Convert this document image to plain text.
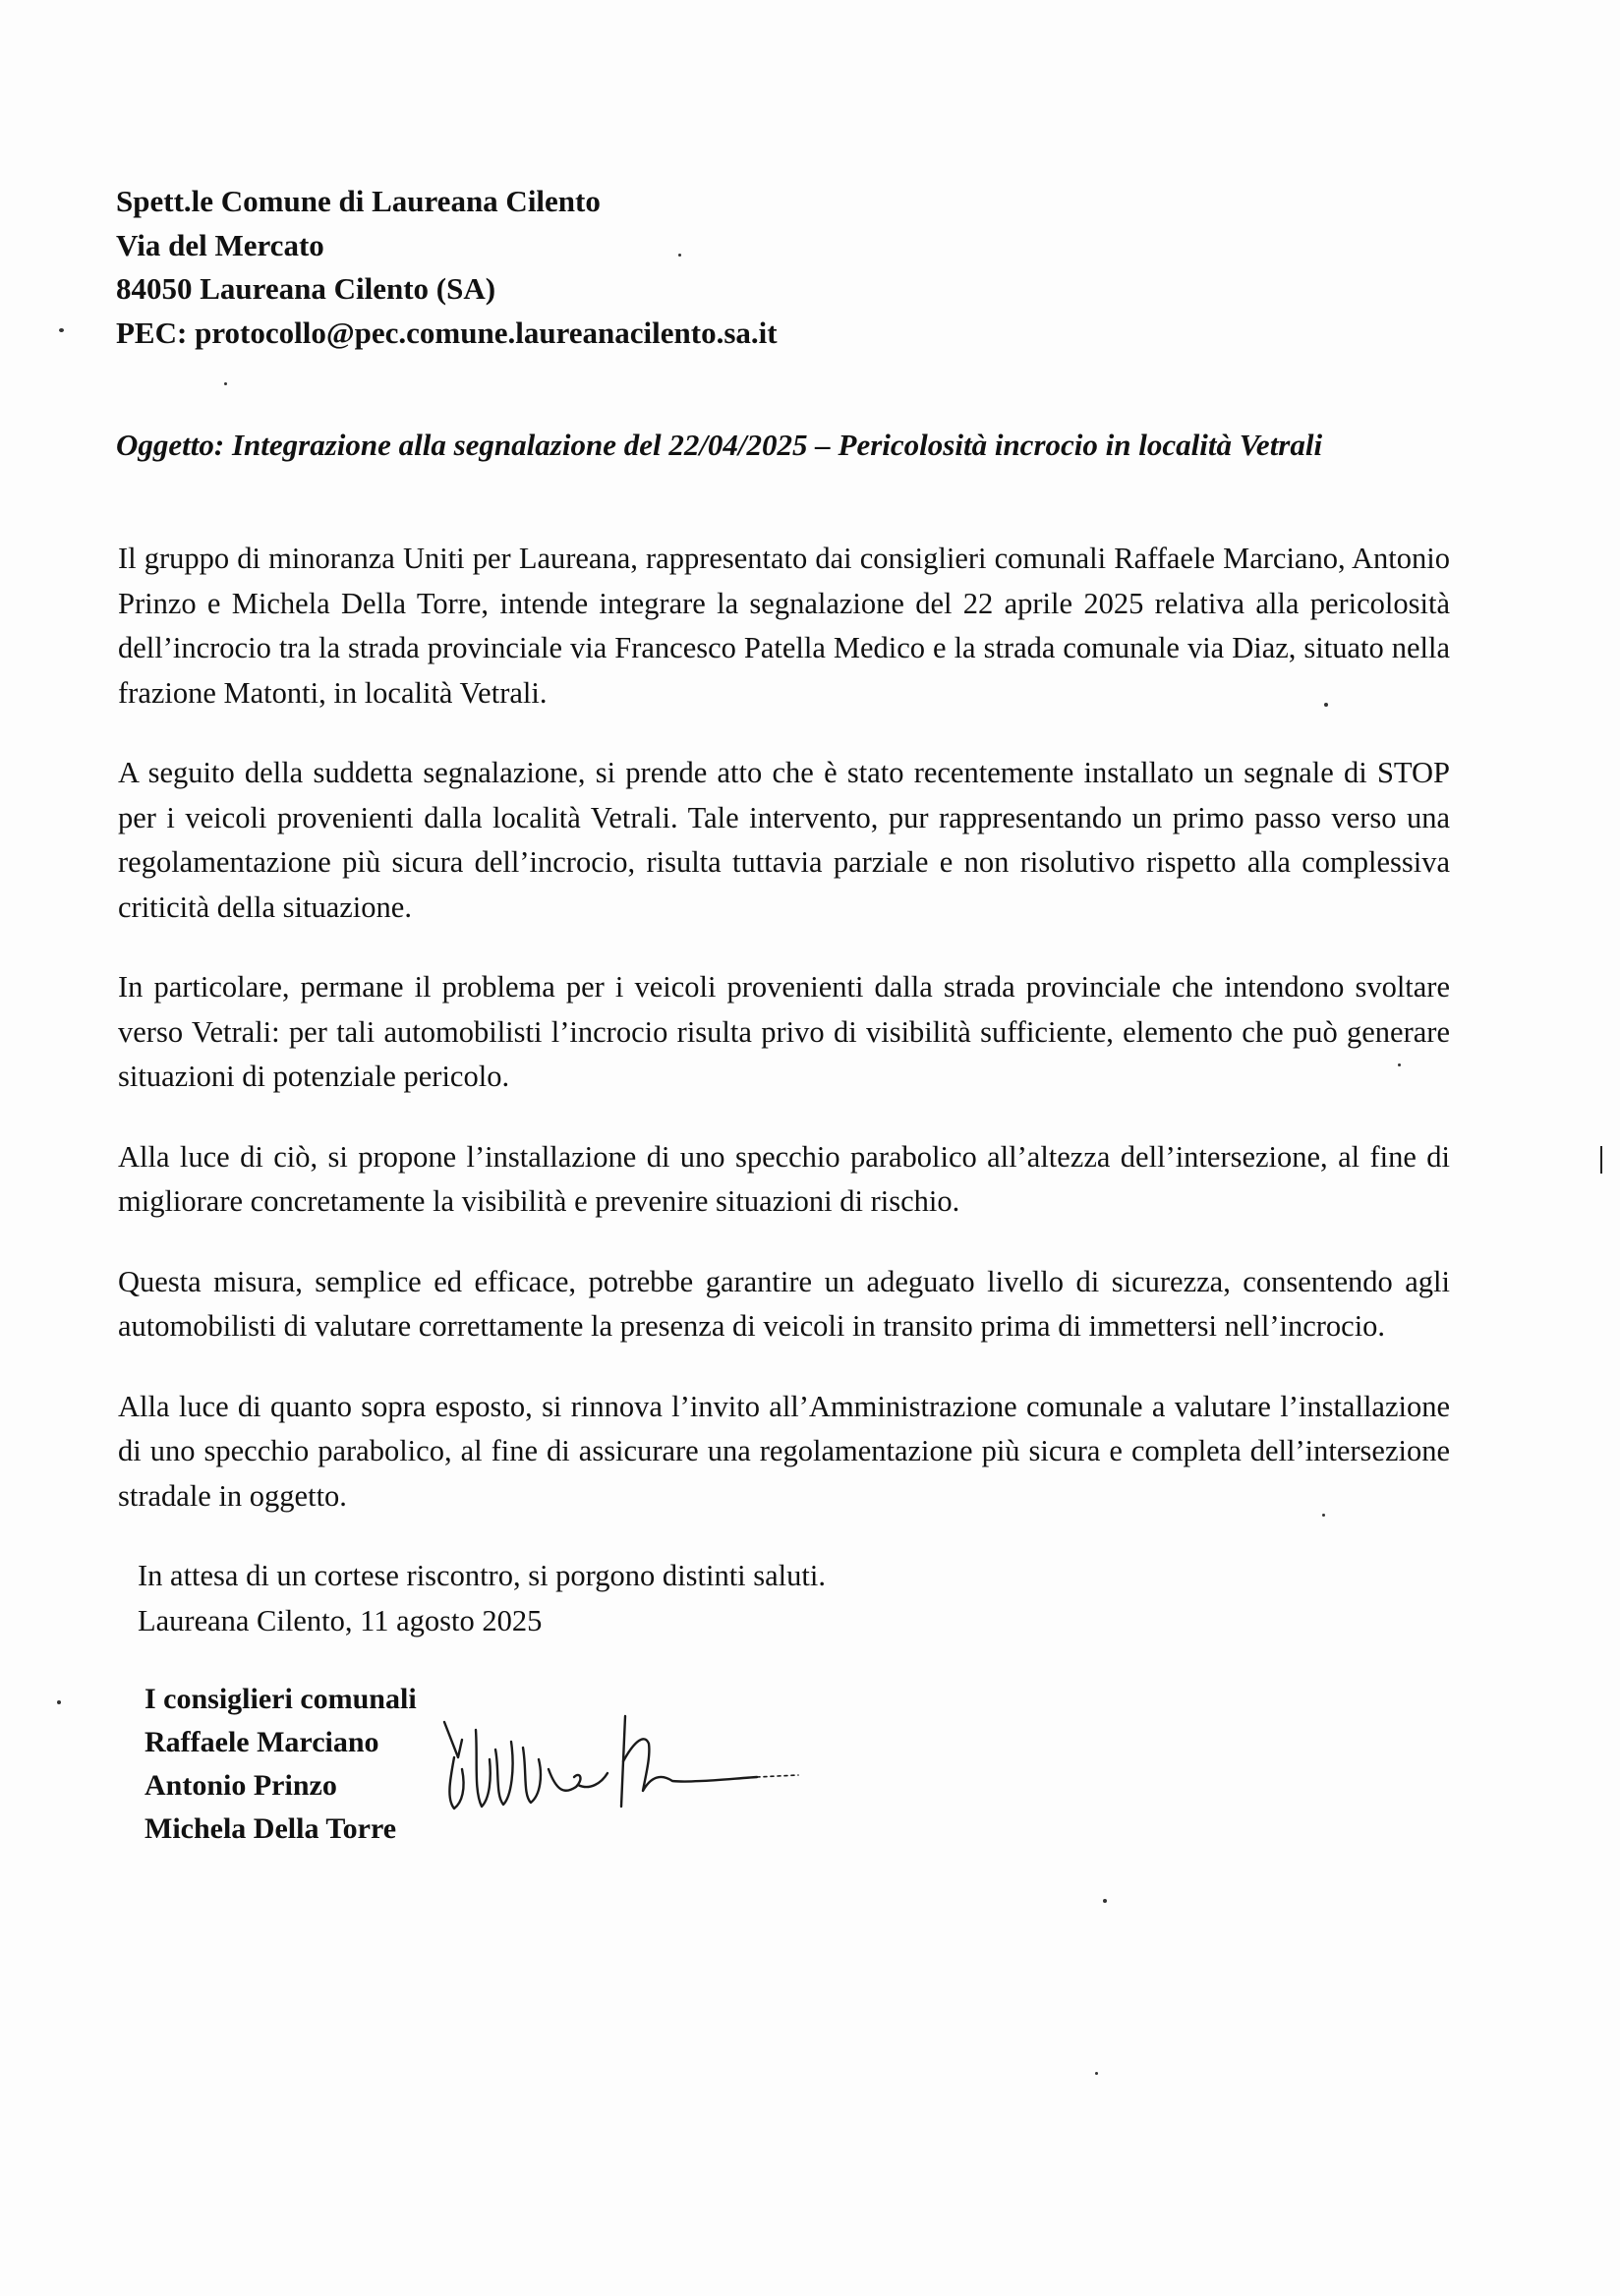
Spett.le Comune di Laureana Cilento
Via del Mercato
84050 Laureana Cilento (SA)
PEC: protocollo@pec.comune.laureanacilento.sa.it
Oggetto: Integrazione alla segnalazione del 22/04/2025 – Pericolosità incrocio in località Vetrali

Il gruppo di minoranza Uniti per Laureana, rappresentato dai consiglieri comunali Raffaele Marciano, Antonio Prinzo e Michela Della Torre, intende integrare la segnalazione del 22 aprile 2025 relativa alla pericolosità dell’incrocio tra la strada provinciale via Francesco Patella Medico e la strada comunale via Diaz, situato nella frazione Matonti, in località Vetrali.

A seguito della suddetta segnalazione, si prende atto che è stato recentemente installato un segnale di STOP per i veicoli provenienti dalla località Vetrali. Tale intervento, pur rappresentando un primo passo verso una regolamentazione più sicura dell’incrocio, risulta tuttavia parziale e non risolutivo rispetto alla complessiva criticità della situazione.

In particolare, permane il problema per i veicoli provenienti dalla strada provinciale che intendono svoltare verso Vetrali: per tali automobilisti l’incrocio risulta privo di visibilità sufficiente, elemento che può generare situazioni di potenziale pericolo.

Alla luce di ciò, si propone l’installazione di uno specchio parabolico all’altezza dell’intersezione, al fine di migliorare concretamente la visibilità e prevenire situazioni di rischio.

Questa misura, semplice ed efficace, potrebbe garantire un adeguato livello di sicurezza, consentendo agli automobilisti di valutare correttamente la presenza di veicoli in transito prima di immettersi nell’incrocio.

Alla luce di quanto sopra esposto, si rinnova l’invito all’Amministrazione comunale a valutare l’installazione di uno specchio parabolico, al fine di assicurare una regolamentazione più sicura e completa dell’intersezione stradale in oggetto.

In attesa di un cortese riscontro, si porgono distinti saluti.
Laureana Cilento, 11 agosto 2025
I consiglieri comunali
Raffaele Marciano
Antonio Prinzo
Michela Della Torre
